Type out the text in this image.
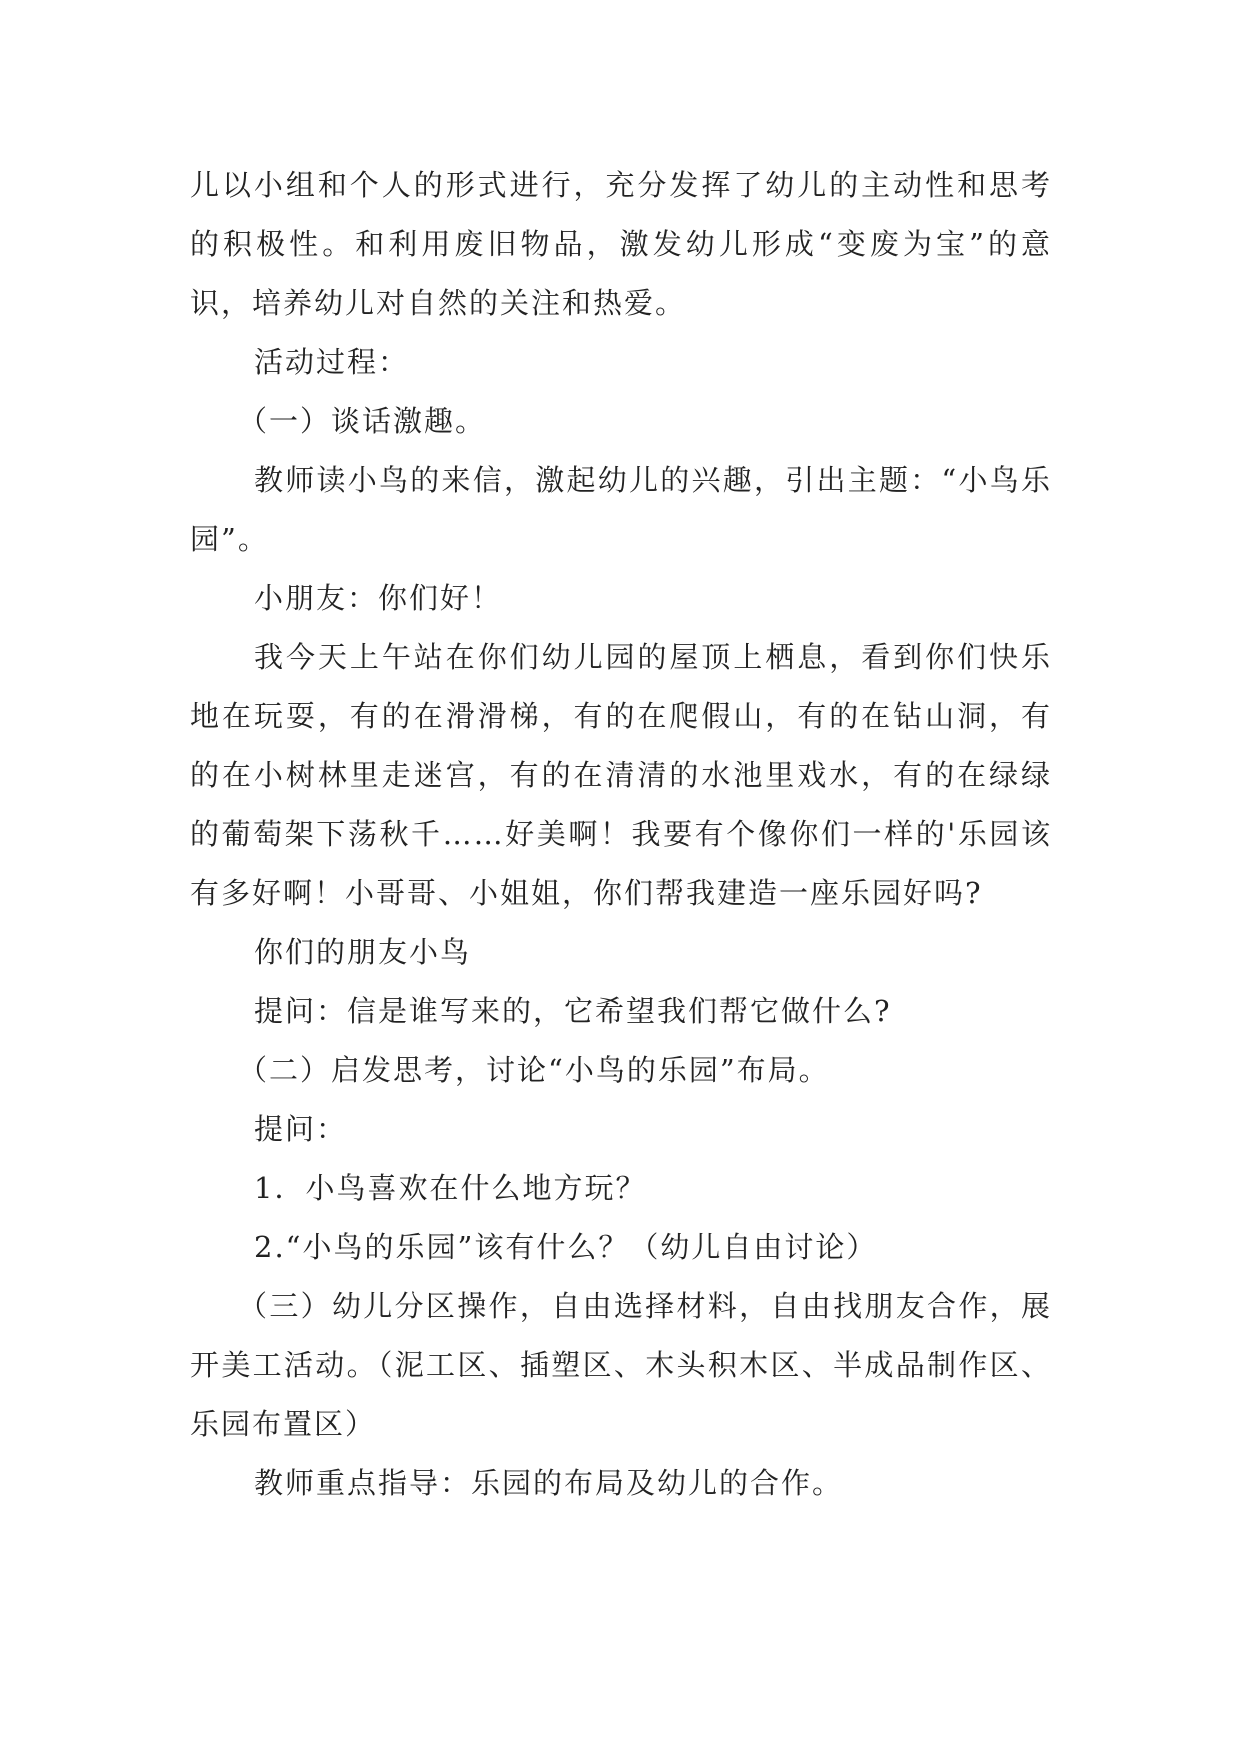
儿以小组和个人的形式进行，充分发挥了幼儿的主动性和思考的积极性。和利用废旧物品，激发幼儿形成“变废为宝”的意识，培养幼儿对自然的关注和热爱。

活动过程：

（一）谈话激趣。

教师读小鸟的来信，激起幼儿的兴趣，引出主题：“小鸟乐园”。

小朋友：你们好！

我今天上午站在你们幼儿园的屋顶上栖息，看到你们快乐地在玩耍，有的在滑滑梯，有的在爬假山，有的在钻山洞，有的在小树林里走迷宫，有的在清清的水池里戏水，有的在绿绿的葡萄架下荡秋千……好美啊！我要有个像你们一样的'乐园该有多好啊！小哥哥、小姐姐，你们帮我建造一座乐园好吗?

你们的朋友小鸟

提问：信是谁写来的，它希望我们帮它做什么?

（二）启发思考，讨论“小鸟的乐园”布局。

提问：

1．小鸟喜欢在什么地方玩？

2.“小鸟的乐园”该有什么？（幼儿自由讨论）

（三）幼儿分区操作，自由选择材料，自由找朋友合作，展开美工活动。（泥工区、插塑区、木头积木区、半成品制作区、乐园布置区）

教师重点指导：乐园的布局及幼儿的合作。
